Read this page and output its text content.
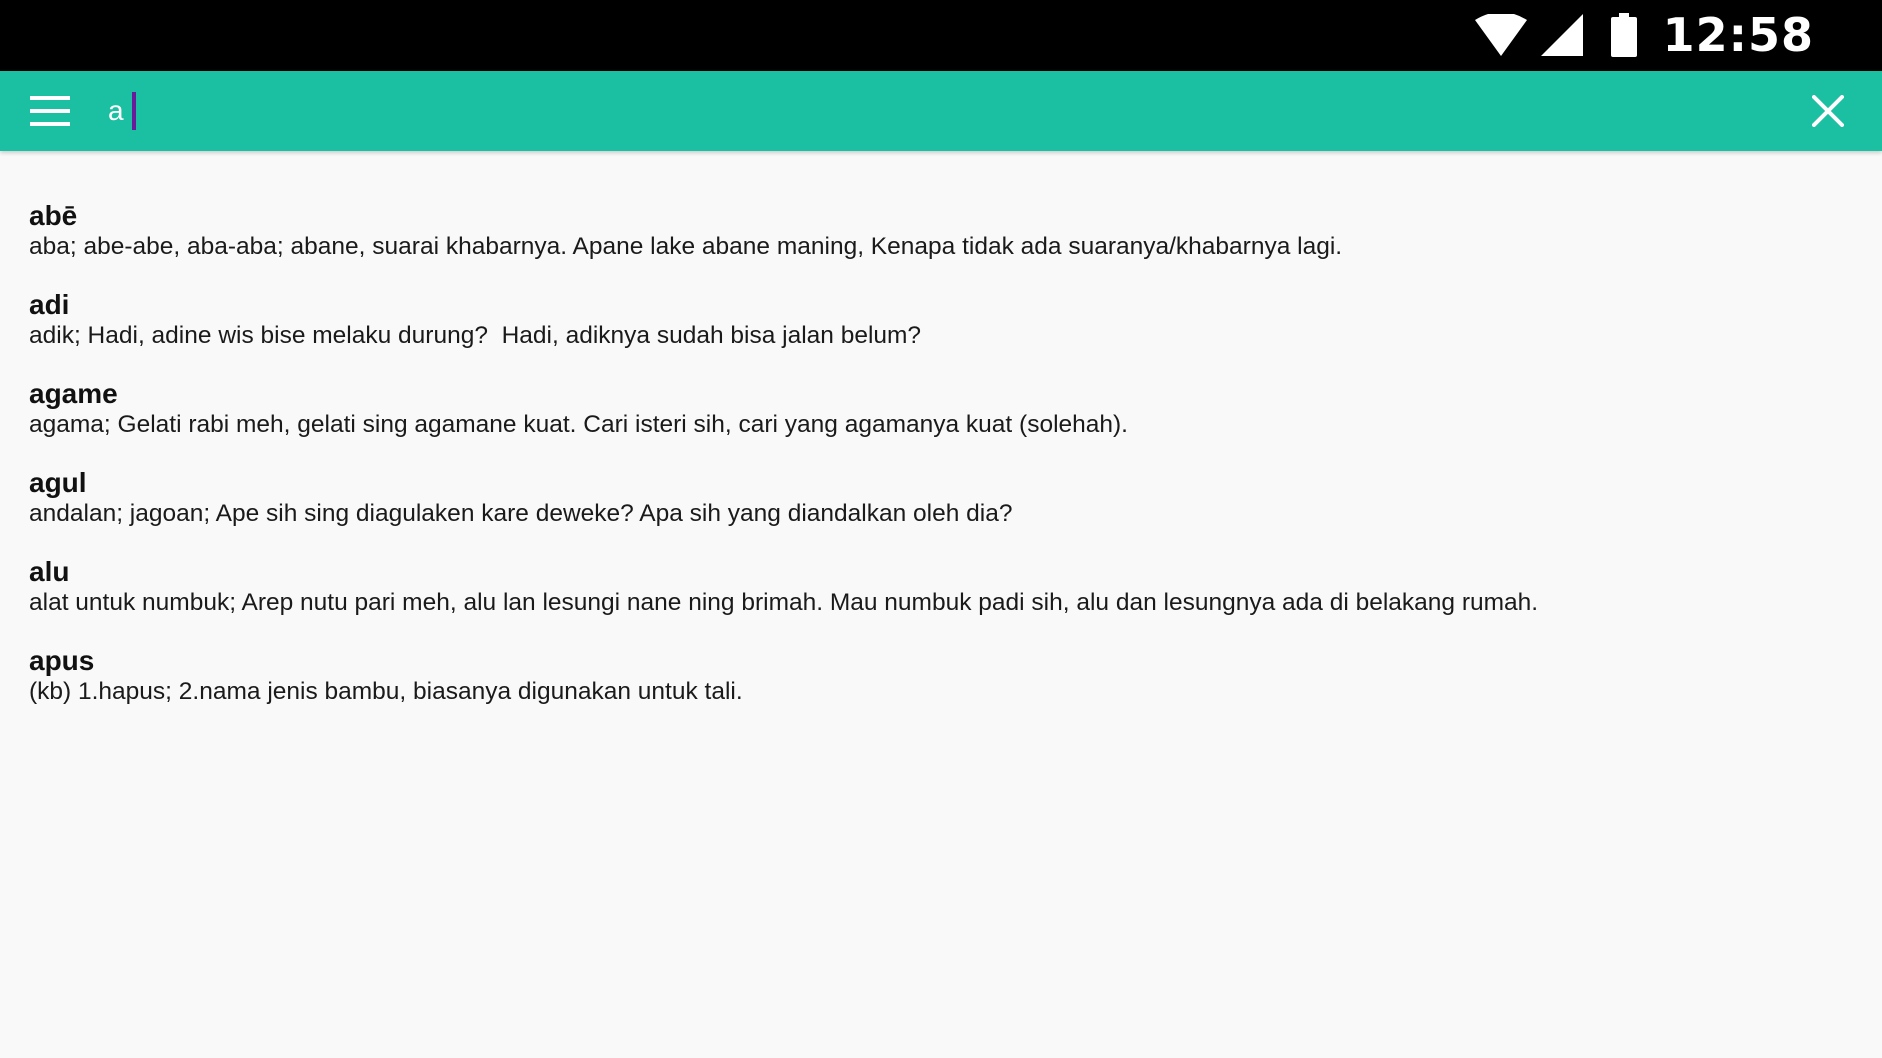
12:58
a

abē

aba; abe-abe, aba-aba; abane, suarai khabarnya. Apane lake abane maning, Kenapa tidak ada suaranya/khabarnya lagi.

adi

adik; Hadi, adine wis bise melaku durung?  Hadi, adiknya sudah bisa jalan belum?

agame

agama; Gelati rabi meh, gelati sing agamane kuat. Cari isteri sih, cari yang agamanya kuat (solehah).

agul

andalan; jagoan; Ape sih sing diagulaken kare deweke? Apa sih yang diandalkan oleh dia?

alu

alat untuk numbuk; Arep nutu pari meh, alu lan lesungi nane ning brimah. Mau numbuk padi sih, alu dan lesungnya ada di belakang rumah.

apus

(kb) 1.hapus; 2.nama jenis bambu, biasanya digunakan untuk tali.
